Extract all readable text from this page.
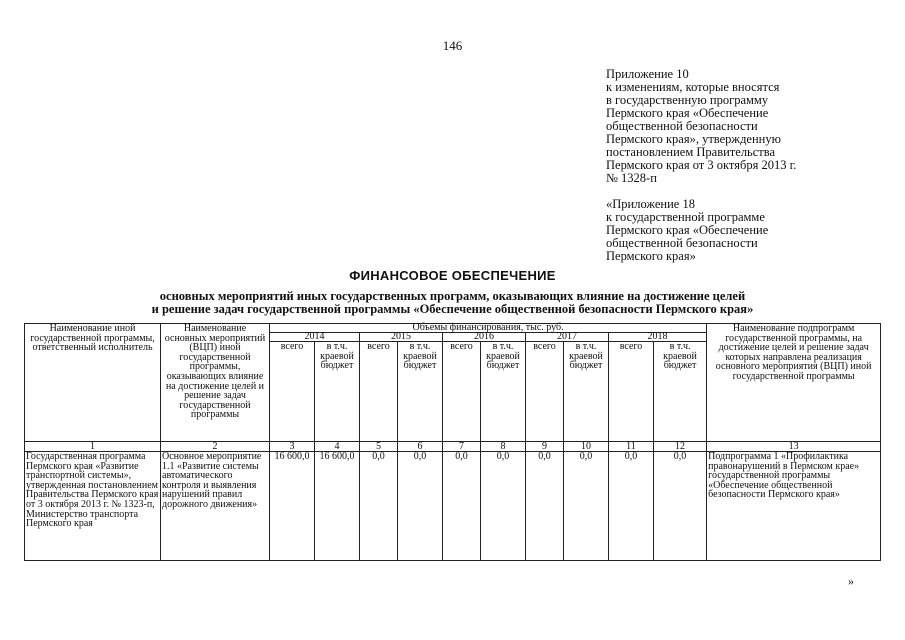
146
Приложение 10
к изменениям, которые вносятся
в государственную программу
Пермского края «Обеспечение
общественной безопасности
Пермского края», утвержденную
постановлением Правительства
Пермского края от 3 октября 2013 г.
№ 1328-п
«Приложение 18
к государственной программе
Пермского края «Обеспечение
общественной безопасности
Пермского края»
ФИНАНСОВОЕ ОБЕСПЕЧЕНИЕ
основных мероприятий иных государственных программ, оказывающих влияние на достижение целей
и решение задач государственной программы «Обеспечение общественной безопасности Пермского края»
Наименование иной государственной программы, ответственный исполнитель	Наименование основных мероприятий (ВЦП) иной государственной программы, оказывающих влияние на достижение целей и решение задач государственной программы	Объемы финансирования, тыс. руб.										Наименование подпрограмм государственной программы, на достижение целей и решение задач которых направлена реализация основного мероприятия (ВЦП) иной государственной программы
		2014		2015		2016		2017		2018		
		всего	в т.ч. краевой бюджет	всего	в т.ч. краевой бюджет	всего	в т.ч. краевой бюджет	всего	в т.ч. краевой бюджет	всего	в т.ч. краевой бюджет	
1	2	3	4	5	6	7	8	9	10	11	12	13
Государственная программа Пермского края «Развитие транспортной системы», утвержденная постановлением Правительства Пермского края от 3 октября 2013 г. № 1323-п, Министерство транспорта Пермского края	Основное мероприятие 1.1 «Развитие системы автоматического контроля и выявления нарушений правил дорожного движения»	16 600,0	16 600,0	0,0	0,0	0,0	0,0	0,0	0,0	0,0	0,0	Подпрограмма 1 «Профилактика правонарушений в Пермском крае» государственной программы «Обеспечение общественной безопасности Пермского края»
»
